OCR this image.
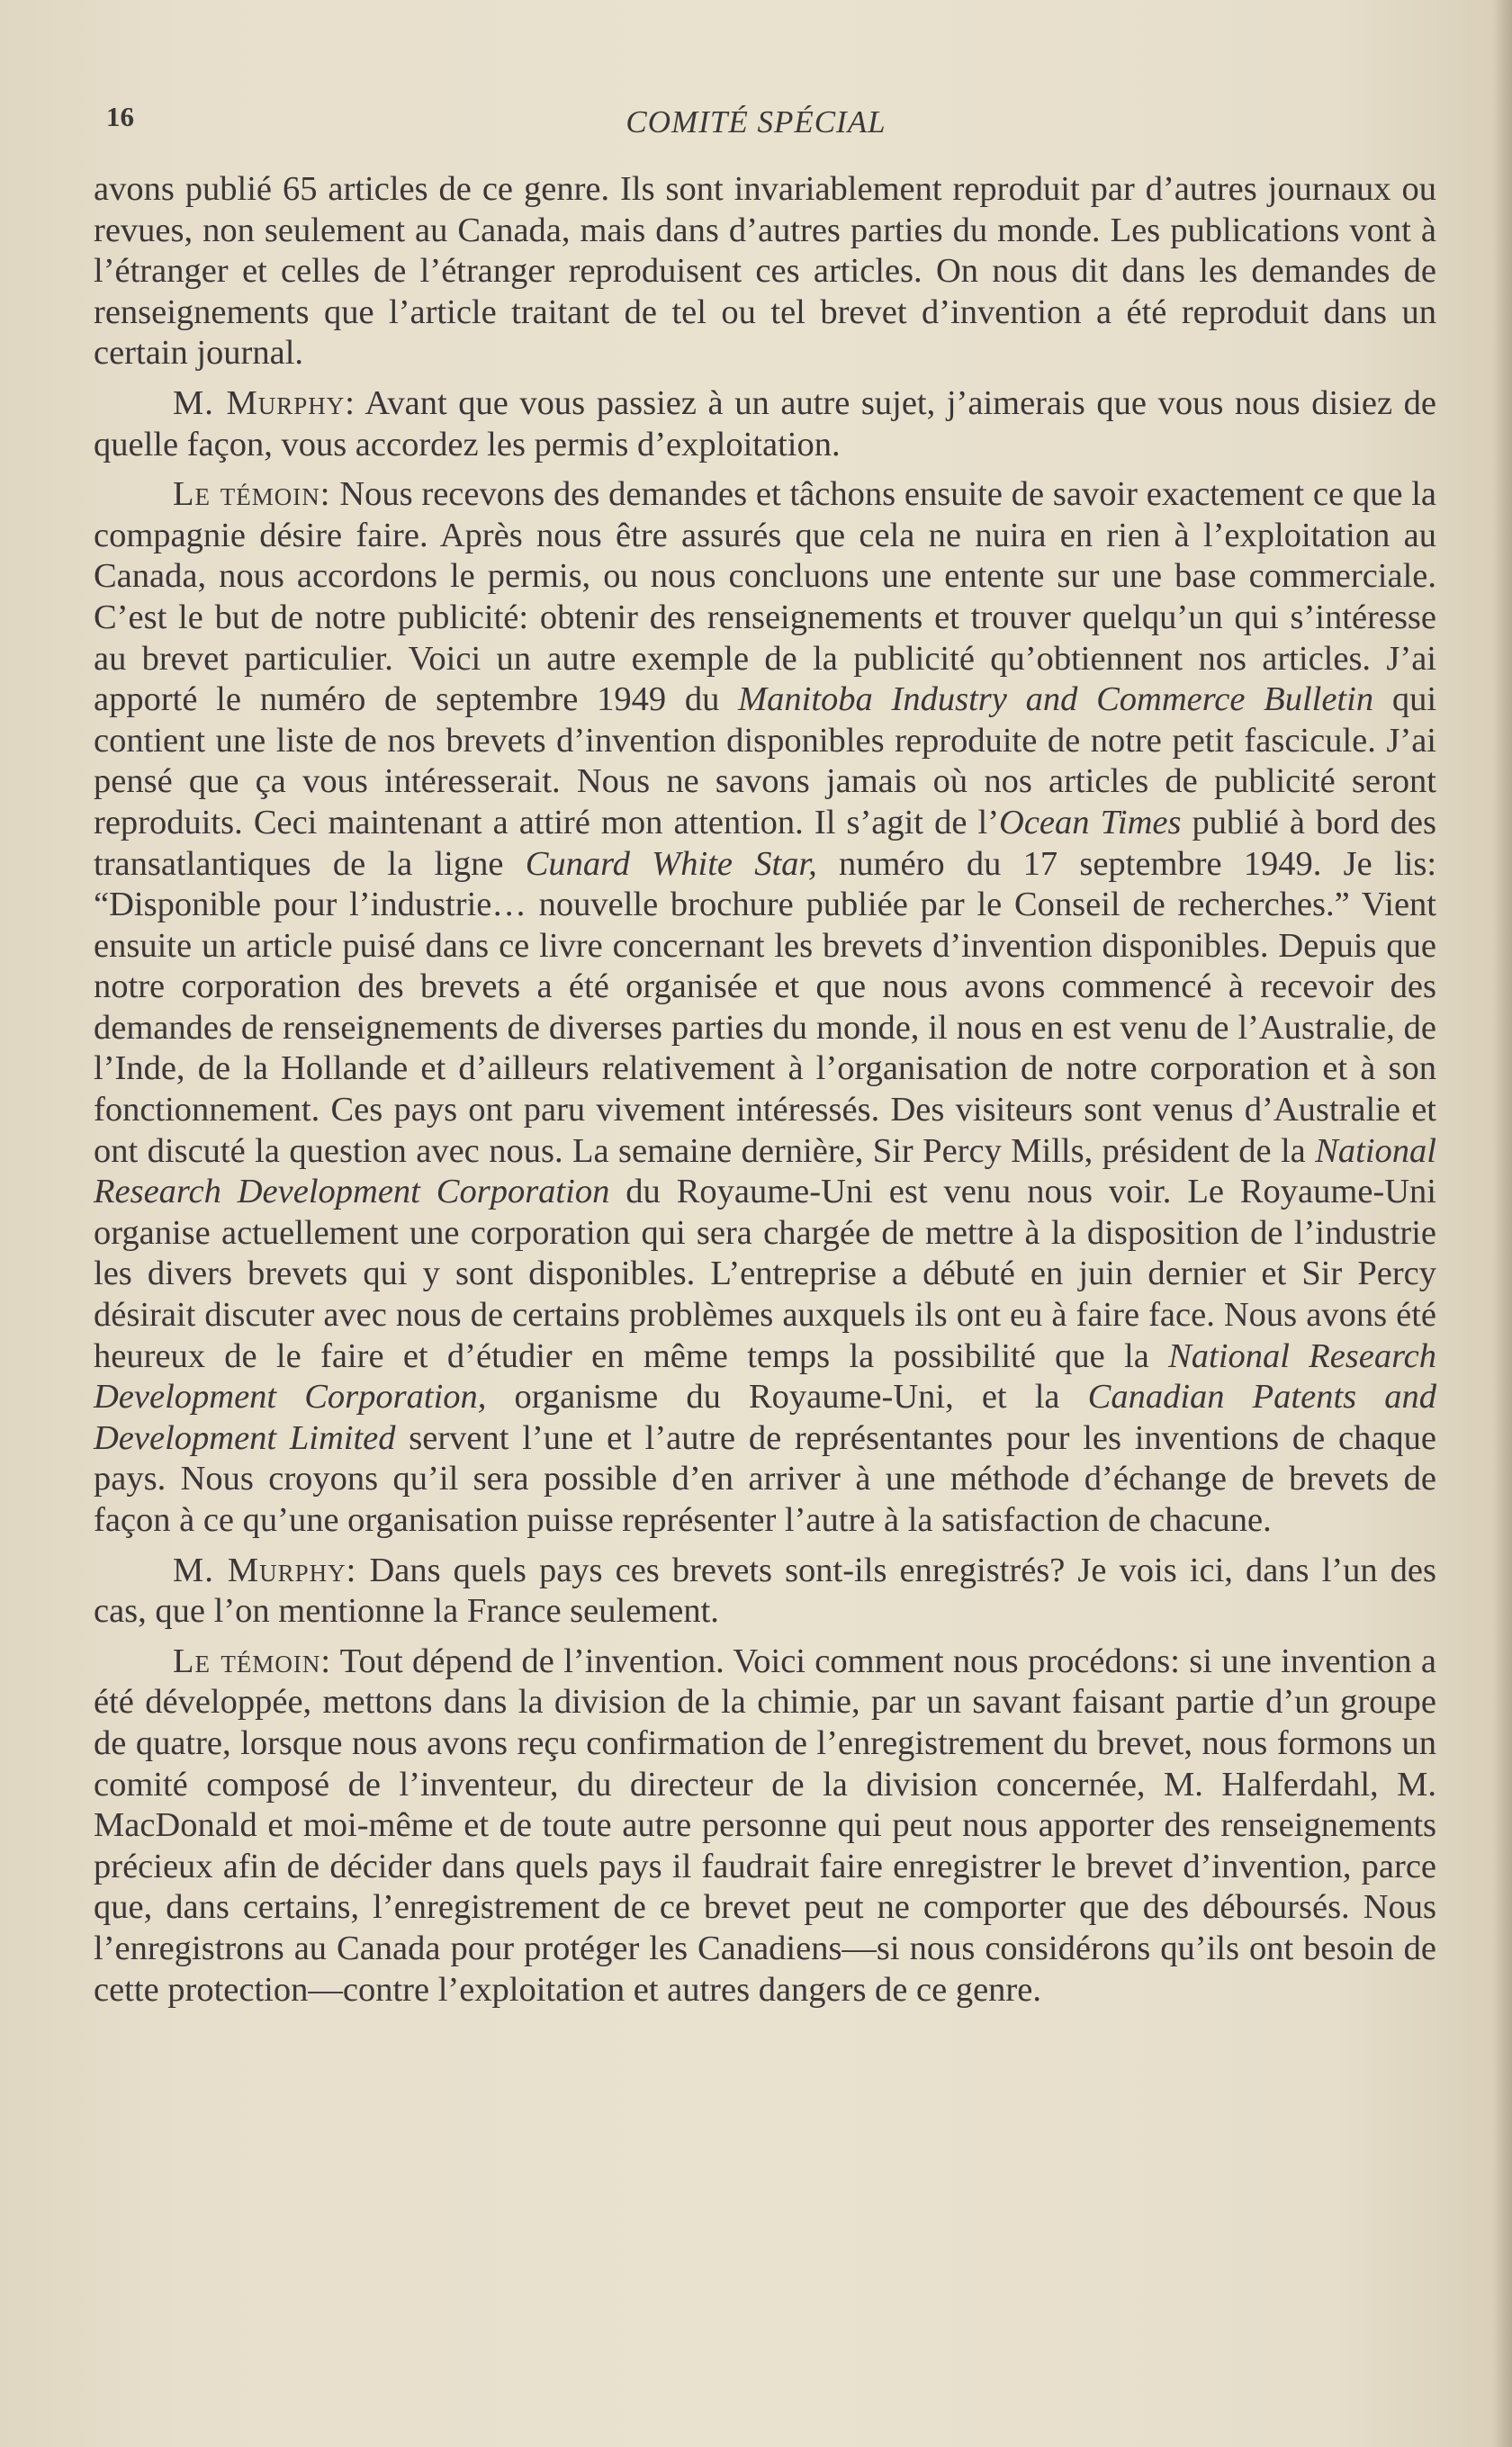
16	COMITÉ SPÉCIAL

avons publié 65 articles de ce genre. Ils sont invariablement reproduit par d’autres journaux ou revues, non seulement au Canada, mais dans d’autres parties du monde. Les publications vont à l’étranger et celles de l’étranger reproduisent ces articles. On nous dit dans les demandes de renseignements que l’article traitant de tel ou tel brevet d’invention a été reproduit dans un certain journal.

M. Murphy: Avant que vous passiez à un autre sujet, j’aimerais que vous nous disiez de quelle façon, vous accordez les permis d’exploitation.

Le témoin: Nous recevons des demandes et tâchons ensuite de savoir exactement ce que la compagnie désire faire. Après nous être assurés que cela ne nuira en rien à l’exploitation au Canada, nous accordons le permis, ou nous concluons une entente sur une base commerciale. C’est le but de notre publicité: obtenir des renseignements et trouver quelqu’un qui s’intéresse au brevet particulier. Voici un autre exemple de la publicité qu’obtiennent nos articles. J’ai apporté le numéro de septembre 1949 du Manitoba Industry and Commerce Bulletin qui contient une liste de nos brevets d’invention disponibles reproduite de notre petit fascicule. J’ai pensé que ça vous intéresserait. Nous ne savons jamais où nos articles de publicité seront reproduits. Ceci maintenant a attiré mon attention. Il s’agit de l’Ocean Times publié à bord des transatlantiques de la ligne Cunard White Star, numéro du 17 septembre 1949. Je lis: “Disponible pour l’industrie… nouvelle brochure publiée par le Conseil de recherches.” Vient ensuite un article puisé dans ce livre concernant les brevets d’invention disponibles. Depuis que notre corporation des brevets a été organisée et que nous avons commencé à recevoir des demandes de renseignements de diverses parties du monde, il nous en est venu de l’Australie, de l’Inde, de la Hollande et d’ailleurs relativement à l’organisation de notre corporation et à son fonctionnement. Ces pays ont paru vivement intéressés. Des visiteurs sont venus d’Australie et ont discuté la question avec nous. La semaine dernière, Sir Percy Mills, président de la National Research Development Corporation du Royaume-Uni est venu nous voir. Le Royaume-Uni organise actuellement une corporation qui sera chargée de mettre à la disposition de l’industrie les divers brevets qui y sont disponibles. L’entreprise a débuté en juin dernier et Sir Percy désirait discuter avec nous de certains problèmes auxquels ils ont eu à faire face. Nous avons été heureux de le faire et d’étudier en même temps la possibilité que la National Research Development Corporation, organisme du Royaume-Uni, et la Canadian Patents and Development Limited servent l’une et l’autre de représentantes pour les inventions de chaque pays. Nous croyons qu’il sera possible d’en arriver à une méthode d’échange de brevets de façon à ce qu’une organisation puisse représenter l’autre à la satisfaction de chacune.

M. Murphy: Dans quels pays ces brevets sont-ils enregistrés? Je vois ici, dans l’un des cas, que l’on mentionne la France seulement.

Le témoin: Tout dépend de l’invention. Voici comment nous procédons: si une invention a été développée, mettons dans la division de la chimie, par un savant faisant partie d’un groupe de quatre, lorsque nous avons reçu confirmation de l’enregistrement du brevet, nous formons un comité composé de l’inventeur, du directeur de la division concernée, M. Halferdahl, M. MacDonald et moi-même et de toute autre personne qui peut nous apporter des renseignements précieux afin de décider dans quels pays il faudrait faire enregistrer le brevet d’invention, parce que, dans certains, l’enregistrement de ce brevet peut ne comporter que des déboursés. Nous l’enregistrons au Canada pour protéger les Canadiens—si nous considérons qu’ils ont besoin de cette protection—contre l’exploitation et autres dangers de ce genre.
